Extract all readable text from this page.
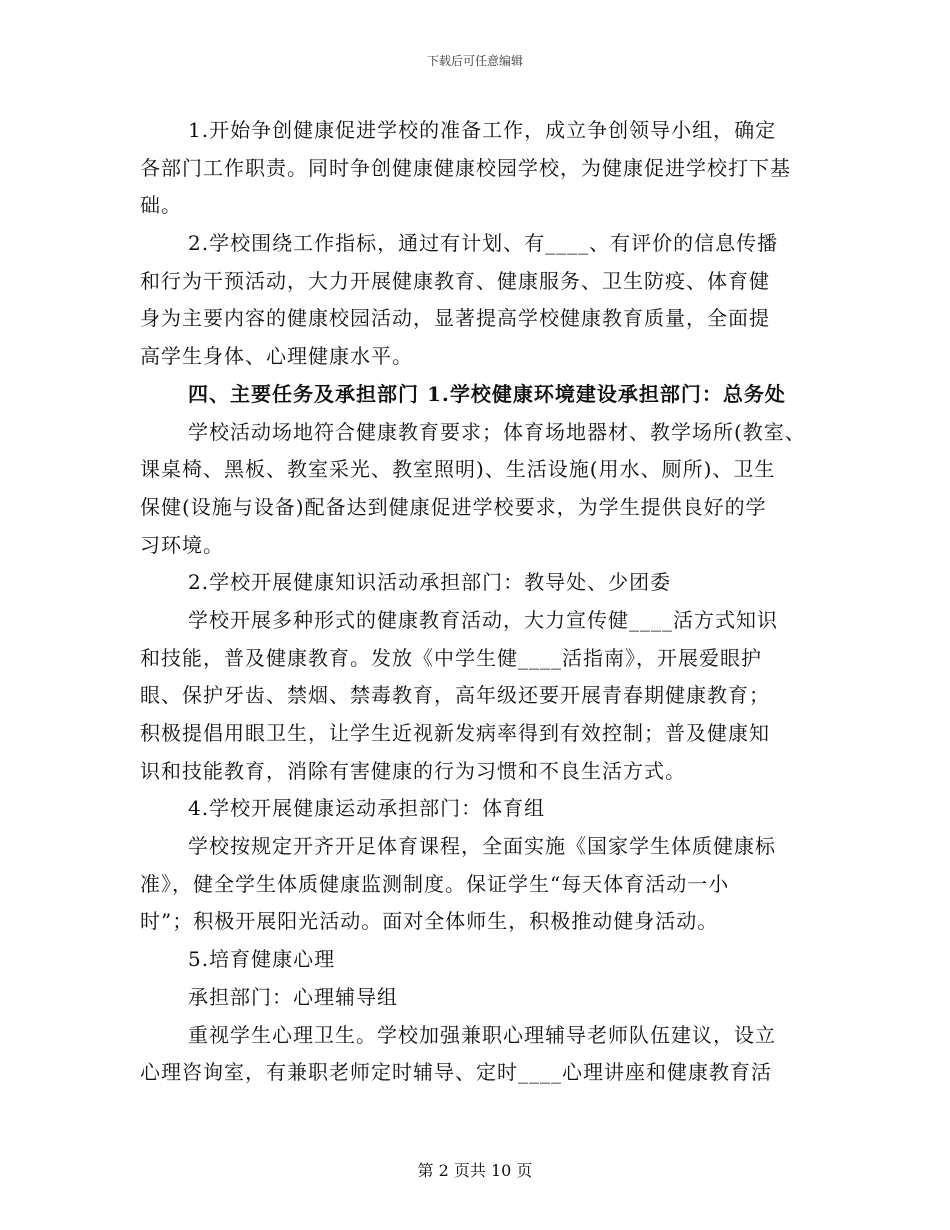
下载后可任意编辑
1.开始争创健康促进学校的准备工作，成立争创领导小组，确定
各部门工作职责。同时争创健康健康校园学校，为健康促进学校打下基
础。
2.学校围绕工作指标，通过有计划、有____、有评价的信息传播
和行为干预活动，大力开展健康教育、健康服务、卫生防疫、体育健
身为主要内容的健康校园活动，显著提高学校健康教育质量，全面提
高学生身体、心理健康水平。
四、主要任务及承担部门 1.学校健康环境建设承担部门：总务处
学校活动场地符合健康教育要求；体育场地器材、教学场所(教室、
课桌椅、黑板、教室采光、教室照明)、生活设施(用水、厕所)、卫生
保健(设施与设备)配备达到健康促进学校要求，为学生提供良好的学
习环境。
2.学校开展健康知识活动承担部门：教导处、少团委
学校开展多种形式的健康教育活动，大力宣传健____活方式知识
和技能，普及健康教育。发放《中学生健____活指南》，开展爱眼护
眼、保护牙齿、禁烟、禁毒教育，高年级还要开展青春期健康教育；
积极提倡用眼卫生，让学生近视新发病率得到有效控制；普及健康知
识和技能教育，消除有害健康的行为习惯和不良生活方式。
4.学校开展健康运动承担部门：体育组
学校按规定开齐开足体育课程，全面实施《国家学生体质健康标
准》，健全学生体质健康监测制度。保证学生“每天体育活动一小
时”；积极开展阳光活动。面对全体师生，积极推动健身活动。
5.培育健康心理
承担部门：心理辅导组
重视学生心理卫生。学校加强兼职心理辅导老师队伍建议，设立
心理咨询室，有兼职老师定时辅导、定时____心理讲座和健康教育活
第 2 页共 10 页
